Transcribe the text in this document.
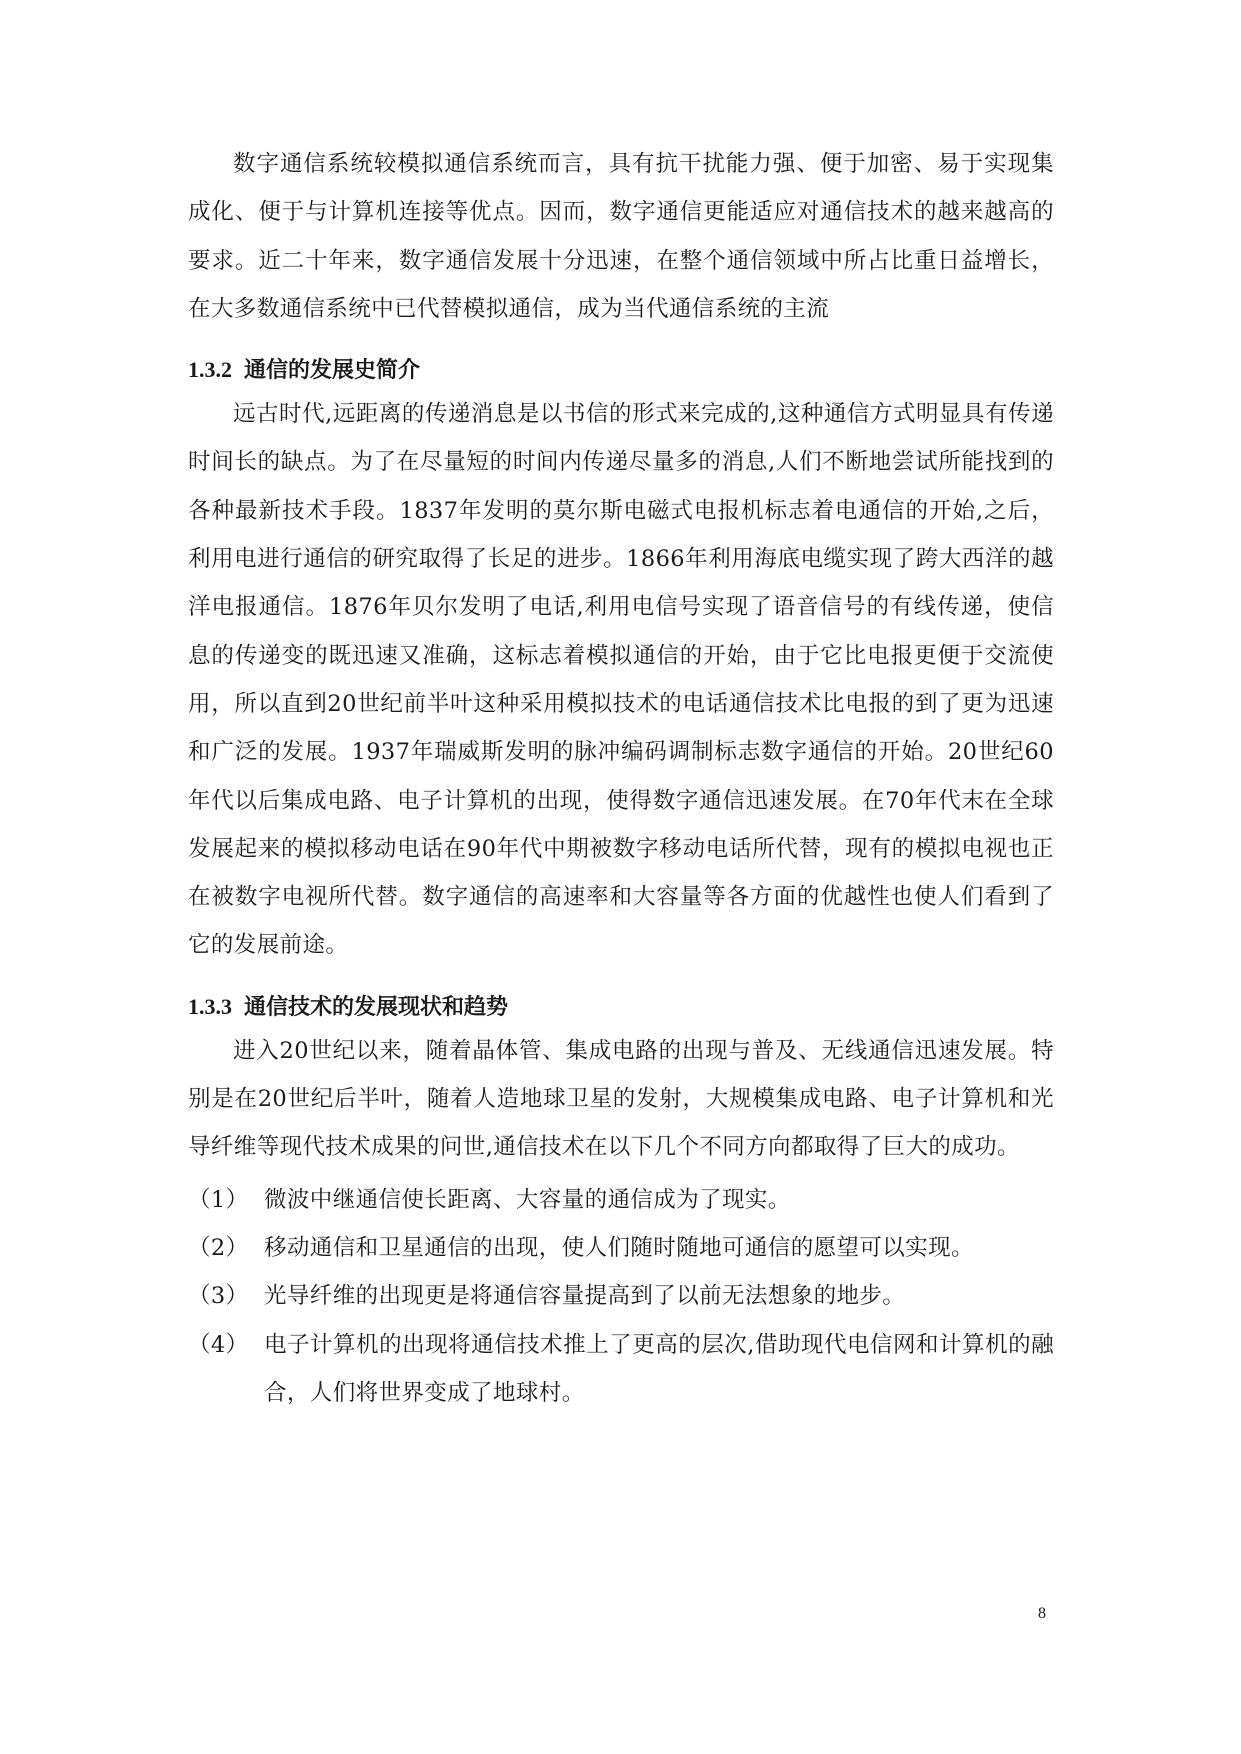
数字通信系统较模拟通信系统而言，具有抗干扰能力强、便于加密、易于实现集成化、便于与计算机连接等优点。因而，数字通信更能适应对通信技术的越来越高的要求。近二十年来，数字通信发展十分迅速，在整个通信领域中所占比重日益增长，在大多数通信系统中已代替模拟通信，成为当代通信系统的主流

1.3.2 通信的发展史简介

远古时代,远距离的传递消息是以书信的形式来完成的,这种通信方式明显具有传递时间长的缺点。为了在尽量短的时间内传递尽量多的消息,人们不断地尝试所能找到的各种最新技术手段。1837年发明的莫尔斯电磁式电报机标志着电通信的开始,之后，利用电进行通信的研究取得了长足的进步。1866年利用海底电缆实现了跨大西洋的越洋电报通信。1876年贝尔发明了电话,利用电信号实现了语音信号的有线传递，使信息的传递变的既迅速又准确，这标志着模拟通信的开始，由于它比电报更便于交流使用，所以直到20世纪前半叶这种采用模拟技术的电话通信技术比电报的到了更为迅速和广泛的发展。1937年瑞威斯发明的脉冲编码调制标志数字通信的开始。20世纪60年代以后集成电路、电子计算机的出现，使得数字通信迅速发展。在70年代末在全球发展起来的模拟移动电话在90年代中期被数字移动电话所代替，现有的模拟电视也正在被数字电视所代替。数字通信的高速率和大容量等各方面的优越性也使人们看到了它的发展前途。

1.3.3 通信技术的发展现状和趋势

进入20世纪以来，随着晶体管、集成电路的出现与普及、无线通信迅速发展。特别是在20世纪后半叶，随着人造地球卫星的发射，大规模集成电路、电子计算机和光导纤维等现代技术成果的问世,通信技术在以下几个不同方向都取得了巨大的成功。

（1） 微波中继通信使长距离、大容量的通信成为了现实。
（2） 移动通信和卫星通信的出现，使人们随时随地可通信的愿望可以实现。
（3） 光导纤维的出现更是将通信容量提高到了以前无法想象的地步。
（4） 电子计算机的出现将通信技术推上了更高的层次,借助现代电信网和计算机的融合，人们将世界变成了地球村。
8
